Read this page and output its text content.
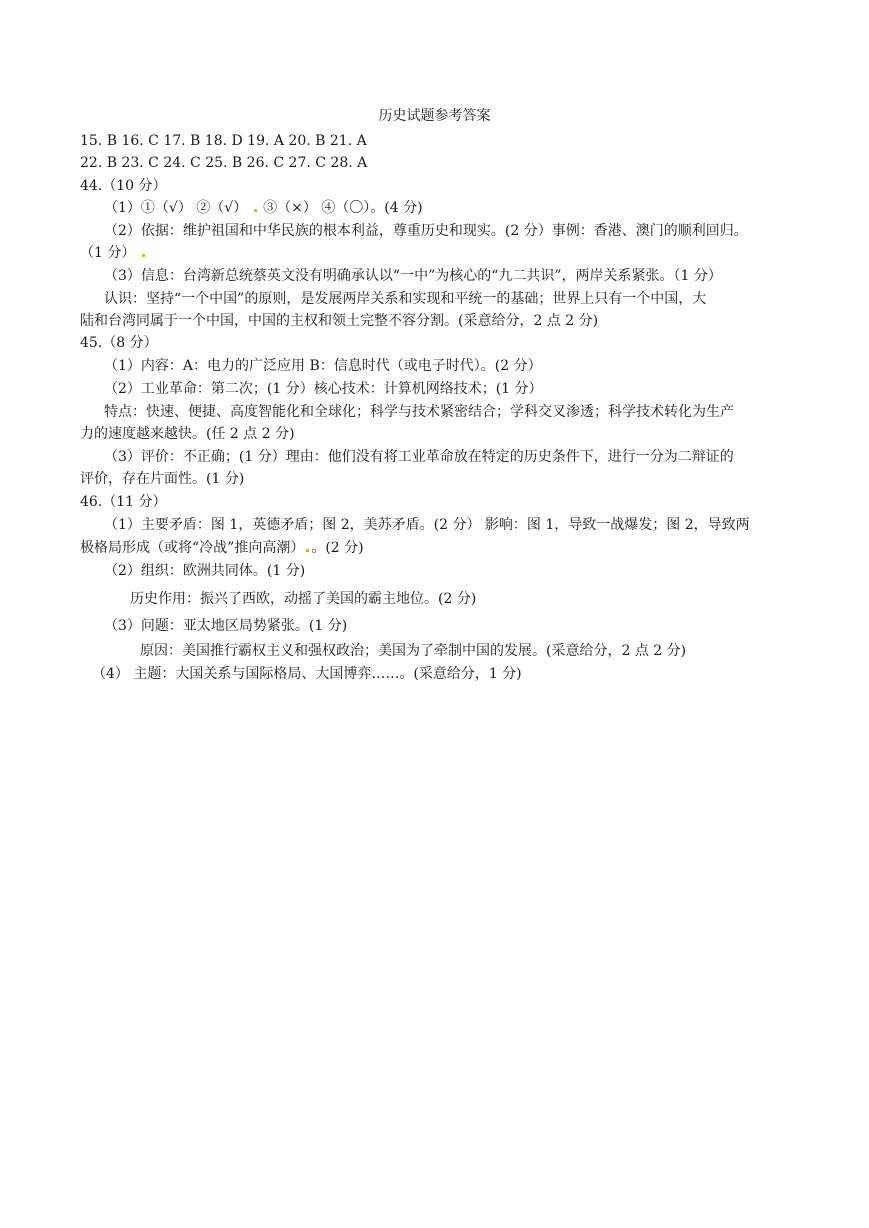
历史试题参考答案
15. B 16. C 17. B 18. D 19. A 20. B 21. A
22. B 23. C 24. C 25. B 26. C 27. C 28. A
44.（10 分）
（1）①（√） ②（√） ③（×） ④（〇）。(4 分)
（2）依据：维护祖国和中华民族的根本利益，尊重历史和现实。(2 分）事例：香港、澳门的顺利回归。
（1 分）
（3）信息：台湾新总统蔡英文没有明确承认以“一中”为核心的“九二共识”，两岸关系紧张。（1 分）
认识：坚持“一个中国”的原则，是发展两岸关系和实现和平统一的基础；世界上只有一个中国，大
陆和台湾同属于一个中国，中国的主权和领土完整不容分割。(采意给分，2 点 2 分)
45.（8 分）
（1）内容：A：电力的广泛应用 B：信息时代（或电子时代）。(2 分）
（2）工业革命：第二次；(1 分）核心技术：计算机网络技术；(1 分）
特点：快速、便捷、高度智能化和全球化；科学与技术紧密结合；学科交叉渗透；科学技术转化为生产
力的速度越来越快。(任 2 点 2 分)
（3）评价：不正确；(1 分）理由：他们没有将工业革命放在特定的历史条件下，进行一分为二辩证的
评价，存在片面性。(1 分)
46.（11 分）
（1）主要矛盾：图 1，英德矛盾；图 2，美苏矛盾。(2 分） 影响：图 1，导致一战爆发；图 2，导致两
极格局形成（或将“冷战”推向高潮） 。(2 分)
（2）组织：欧洲共同体。(1 分)
历史作用：振兴了西欧，动摇了美国的霸主地位。(2 分)
（3）问题：亚太地区局势紧张。(1 分)
原因：美国推行霸权主义和强权政治；美国为了牵制中国的发展。(采意给分，2 点 2 分)
（4） 主题：大国关系与国际格局、大国博弈……。(采意给分，1 分)
